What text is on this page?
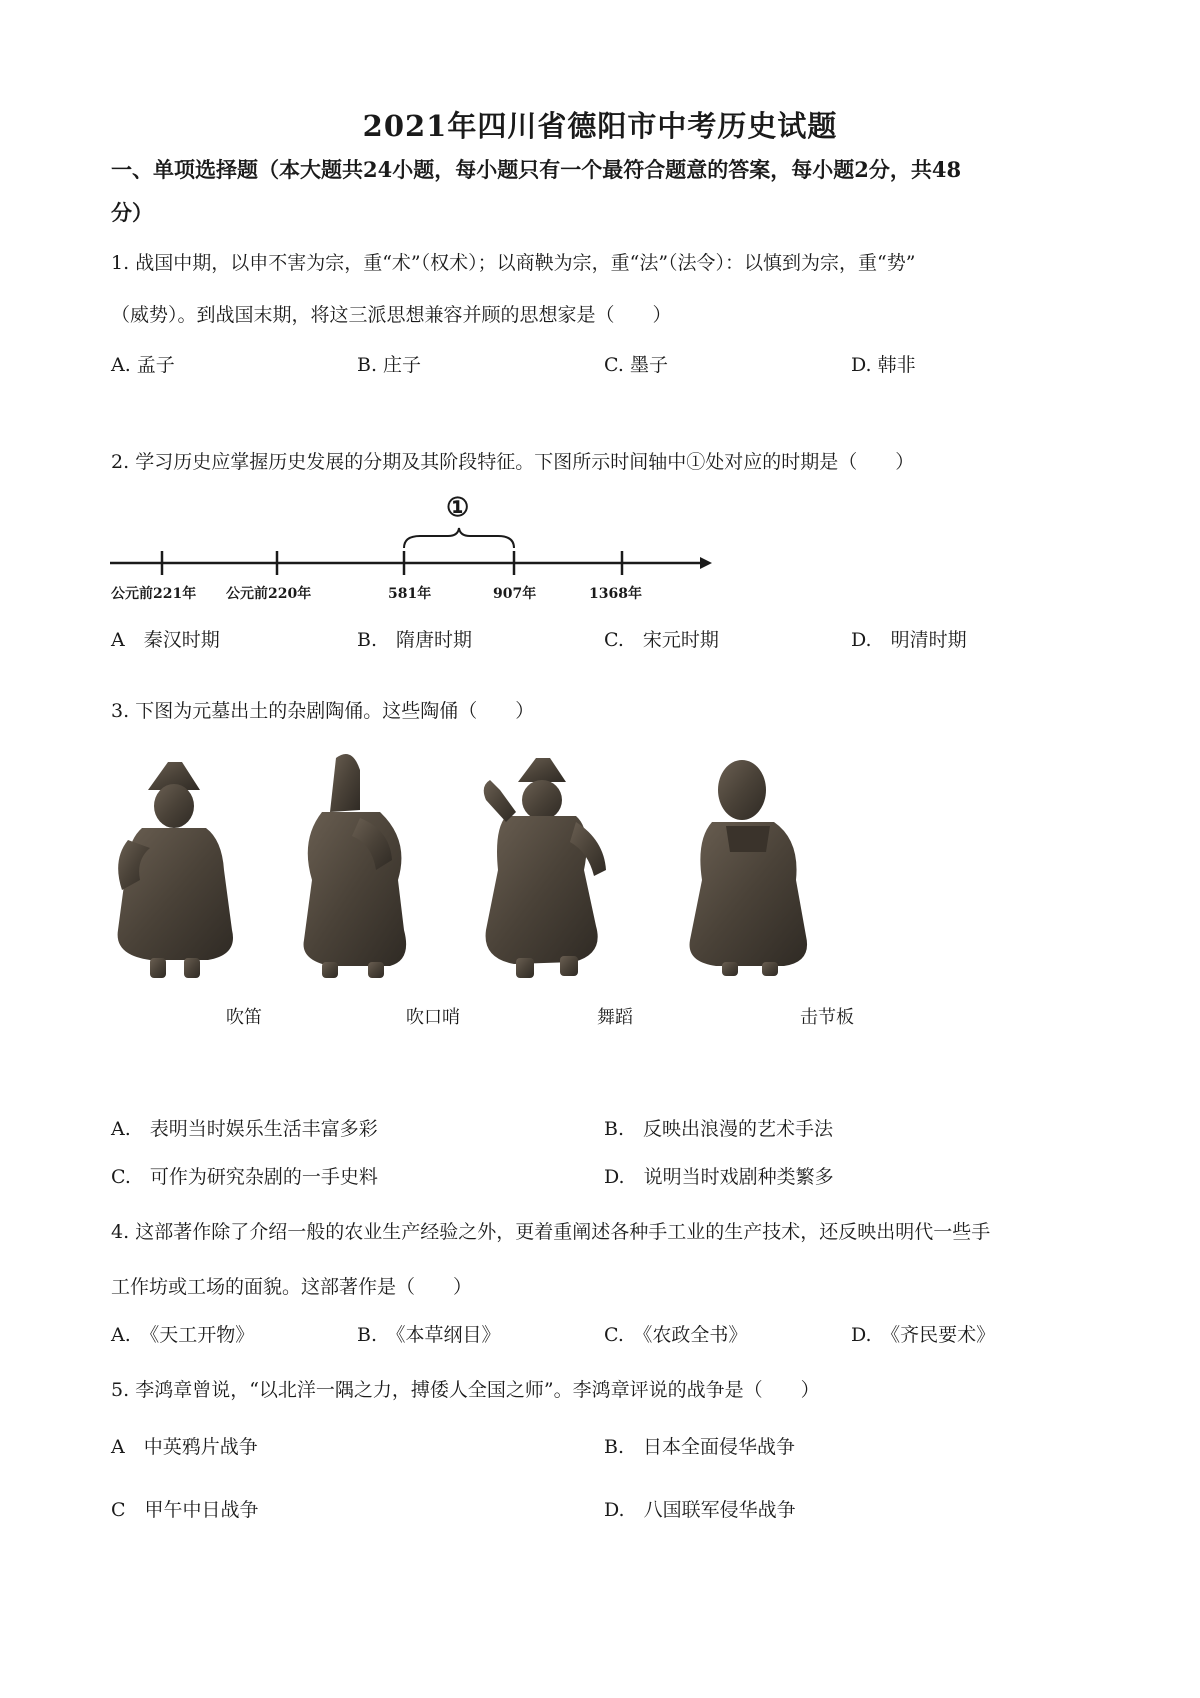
2021年四川省德阳市中考历史试题
一、单项选择题（本大题共24小题，每小题只有一个最符合题意的答案，每小题2分，共48
分）
1. 战国中期，以申不害为宗，重“术”（权术）；以商鞅为宗，重“法”（法令）：以慎到为宗，重“势”
（威势）。到战国末期，将这三派思想兼容并顾的思想家是（　　）
A. 孟子	B. 庄子	C. 墨子	D. 韩非
2. 学习历史应掌握历史发展的分期及其阶段特征。下图所示时间轴中①处对应的时期是（　　）
①
公元前221年 公元前220年	581年	907年	1368年
A　秦汉时期	B.　隋唐时期	C.　宋元时期	D.　明清时期
3. 下图为元墓出土的杂剧陶俑。这些陶俑（　　）
吹笛	吹口哨	舞蹈	击节板
A.　表明当时娱乐生活丰富多彩	B.　反映出浪漫的艺术手法
C.　可作为研究杂剧的一手史料	D.　说明当时戏剧种类繁多
4. 这部著作除了介绍一般的农业生产经验之外，更着重阐述各种手工业的生产技术，还反映出明代一些手
工作坊或工场的面貌。这部著作是（　　）
A.　《天工开物》	B.　《本草纲目》	C.　《农政全书》	D.　《齐民要术》
5. 李鸿章曾说，“以北洋一隅之力，搏倭人全国之师”。李鸿章评说的战争是（　　）
A　中英鸦片战争	B.　日本全面侵华战争
C　甲午中日战争	D.　八国联军侵华战争
